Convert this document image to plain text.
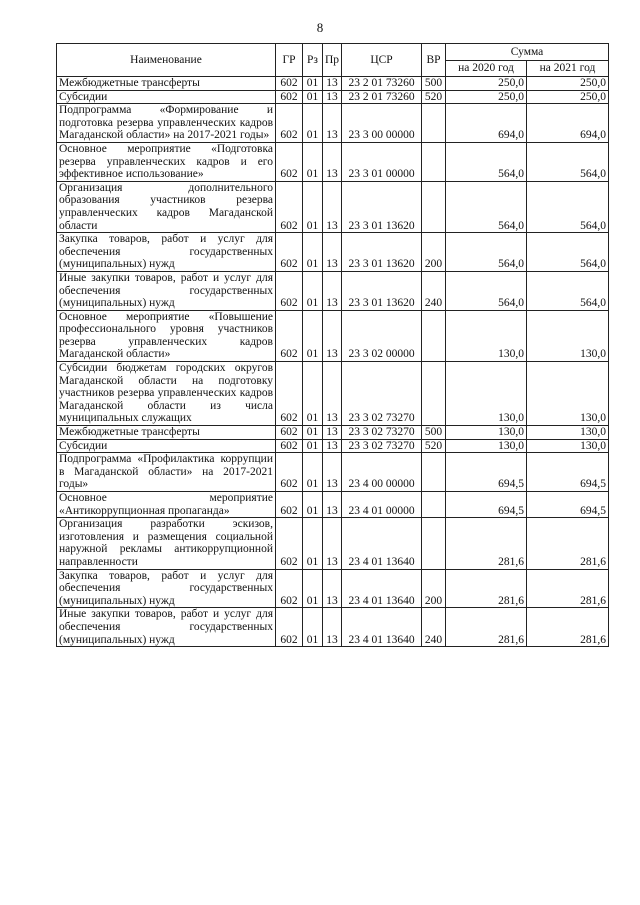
8
Наименование	ГР	Рз	Пр	ЦСР	ВР	Сумма	
						на 2020 год	на 2021 год
Межбюджетные трансферты	602	01	13	23 2 01 73260	500	250,0	250,0
Субсидии	602	01	13	23 2 01 73260	520	250,0	250,0
Подпрограмма «Формирование и подготовка резерва управленческих кадров Магаданской области» на 2017-2021 годы»	602	01	13	23 3 00 00000		694,0	694,0
Основное мероприятие «Подготовка резерва управленческих кадров и его эффективное использование»	602	01	13	23 3 01 00000		564,0	564,0
Организация дополнительного образования участников резерва управленческих кадров Магаданской области	602	01	13	23 3 01 13620		564,0	564,0
Закупка товаров, работ и услуг для обеспечения государственных (муниципальных) нужд	602	01	13	23 3 01 13620	200	564,0	564,0
Иные закупки товаров, работ и услуг для обеспечения государственных (муниципальных) нужд	602	01	13	23 3 01 13620	240	564,0	564,0
Основное мероприятие «Повышение профессионального уровня участников резерва управленческих кадров Магаданской области»	602	01	13	23 3 02 00000		130,0	130,0
Субсидии бюджетам городских округов Магаданской области на подготовку участников резерва управленческих кадров Магаданской области из числа муниципальных служащих	602	01	13	23 3 02 73270		130,0	130,0
Межбюджетные трансферты	602	01	13	23 3 02 73270	500	130,0	130,0
Субсидии	602	01	13	23 3 02 73270	520	130,0	130,0
Подпрограмма «Профилактика коррупции в Магаданской области» на 2017-2021 годы»	602	01	13	23 4 00 00000		694,5	694,5
Основное мероприятие «Антикоррупционная пропаганда»	602	01	13	23 4 01 00000		694,5	694,5
Организация разработки эскизов, изготовления и размещения социальной наружной рекламы антикоррупционной направленности	602	01	13	23 4 01 13640		281,6	281,6
Закупка товаров, работ и услуг для обеспечения государственных (муниципальных) нужд	602	01	13	23 4 01 13640	200	281,6	281,6
Иные закупки товаров, работ и услуг для обеспечения государственных (муниципальных) нужд	602	01	13	23 4 01 13640	240	281,6	281,6
